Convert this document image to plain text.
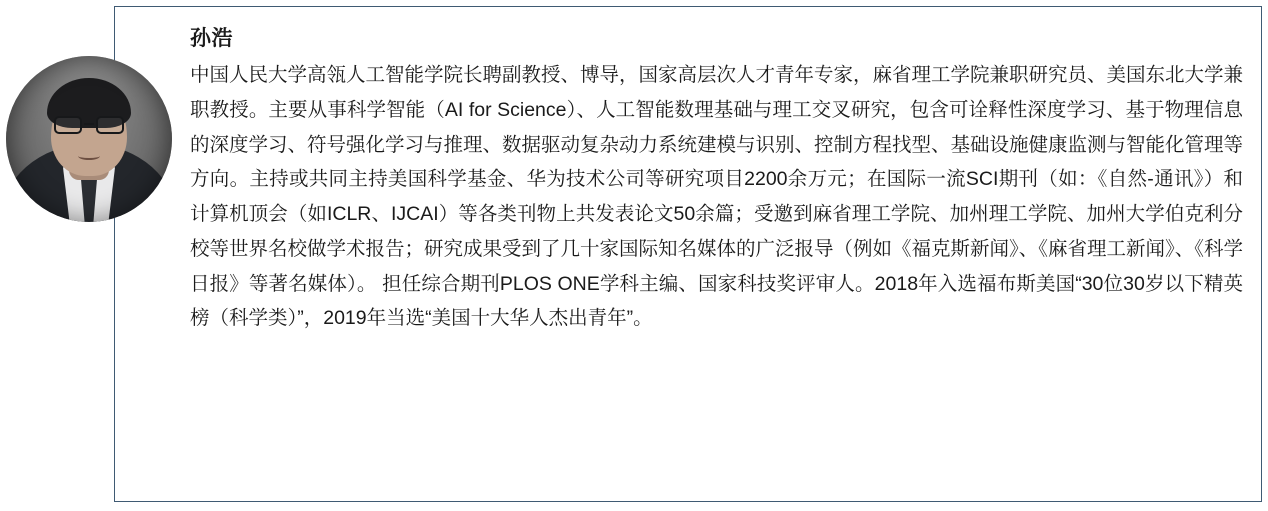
孙浩
中国人民大学高瓴人工智能学院长聘副教授、博导，国家高层次人才青年专家，麻省理工学院兼职研究员、美国东北大学兼职教授。主要从事科学智能（AI for Science）、人工智能数理基础与理工交叉研究，包含可诠释性深度学习、基于物理信息的深度学习、符号强化学习与推理、数据驱动复杂动力系统建模与识别、控制方程找型、基础设施健康监测与智能化管理等方向。主持或共同主持美国科学基金、华为技术公司等研究项目2200余万元；在国际一流SCI期刊（如：《自然-通讯》）和计算机顶会（如ICLR、IJCAI）等各类刊物上共发表论文50余篇；受邀到麻省理工学院、加州理工学院、加州大学伯克利分校等世界名校做学术报告；研究成果受到了几十家国际知名媒体的广泛报导（例如《福克斯新闻》、《麻省理工新闻》、《科学日报》等著名媒体）。 担任综合期刊PLOS ONE学科主编、国家科技奖评审人。2018年入选福布斯美国“30位30岁以下精英榜（科学类）”，2019年当选“美国十大华人杰出青年”。
